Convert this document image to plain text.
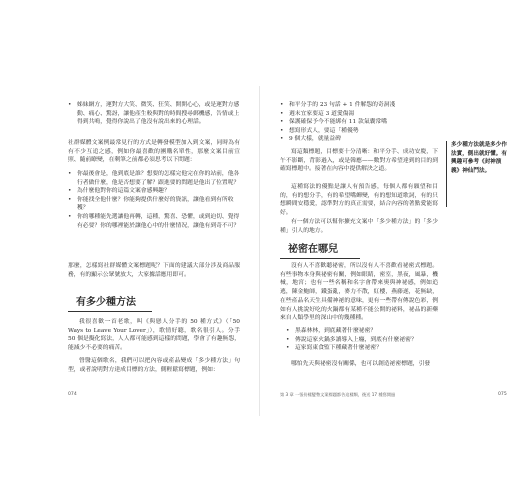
• 姊妹網方，運對方大笑、微笑、狂笑、開開心心，或是運對方感動、痛心、驚訝，讓他產生較與對的時間搜尋綁機感，告情或上得到共鳴，覺得你說出了他沒有說出來的心理話。

社群媒體文案例最常見行的方式是轉發模型加入到文案，同時為有有不少互追之感，例如你最喜歡的團購名單性，那麼文案目前宣照、隨前瞭變，在剩筆之前都必須思考以下問題：

• 你最後會是，他到底是誰？想要的怎樣完他完在你的站前，他各行者做什麼，他是否想要了解？跟進要的問題是他出了位置呢？
• 為什麼他對你的這篇文案會感興趣？
• 你能找全他什麼？你能夠提供什麼好的資訊，讓他看到有所收穫？
• 你的哪種能先選讓他再轉，這種，驚喜、恐懼，或到迫切、覺得有必要？你的哪裡能於讓他心中的什麼情况，讓他有到奇不可？

那麼，怎樣寫社群媒體文案標題呢？下面的建議大部分涉及商品服務，有的顯示公眾號放大，大家據話應用即可。

有多少種方法

我很喜歡一首老歌，叫《與戀人分手的 50 種方式》（「50 Ways to Leave Your Lover」），歌情好聽，歌名很引人。分手 50 個是擬化寫法，人人都可能感到這樣的問題，學會了有趣無怨，能減少不必要的痛苦。

營醫這個歌名，我們可以把內容或產品變成「多少種方法」句型，或者說明對方達成目標的方法，側輕鬆寫標題，例如：

074
• 和平分手的 23 句話 + 1 件解怨的奇洞淺
• 週末宜家要這 3 道愛傷湯
• 保護確保予今不能綁有 11 款氣囊常嘴
• 想寫形式人，要這「種優勢
• 9 個大樣，就量益碑

寫這類標題，目標要十分清晰：和平分手、成功安慶，下午不影斷，背影過入，或是韓應——數對方希望達到的目的到確寫標題中。接著在內容中提供解決之道。

這種寫法的優點是讓人有預告感，每個人都有願望和目的，有的想分手，有的希望嘴蟬變，有的想知道歌詞，有的只想瞬間安穩愛，認準對方的真正需要，結合內容的著點愛能寫好。

有一個方法可以幫你擴充文案中「多少種方法」的「多少種」引人的地方。

祕密在哪兒

沒有人不喜歡聽祕密，所以沒有人不喜歡看祕密式標題。有些事物本身與祕密有關，例如眼睛，密室，黑夜，風暴，機械，地宮；也有一些名稱和名字會帶來奧與神祕感，例如追逃，陳金鮑師，鐵蛋亂，麥力不散，紅樓，燕藤遂，花無缺，在些產品名天生具備神祕的意味，更有一些帶有傳說色彩，例如有人挑說好吃的火鍋都有某種不能公開的祕料，祕品的新藥來自人類學里的深山中的幾種種。

• 黑森林林，到底藏著什麼祕密？
• 傳說這家火鍋多讀導入上癮，到底有什麼祕密？
• 這家寫東食監下種藏著什麼祕密？

哪怕先天與祕密沒有關係，也可以創造祕密標題，引發

多少種方法就是多少作法實，側出就好懂。有興趣可參考《封神演義》神仙鬥法。
第 3 章 一張份樣變勢文案標題都告這樣類，後送 17 種寫開過	075
